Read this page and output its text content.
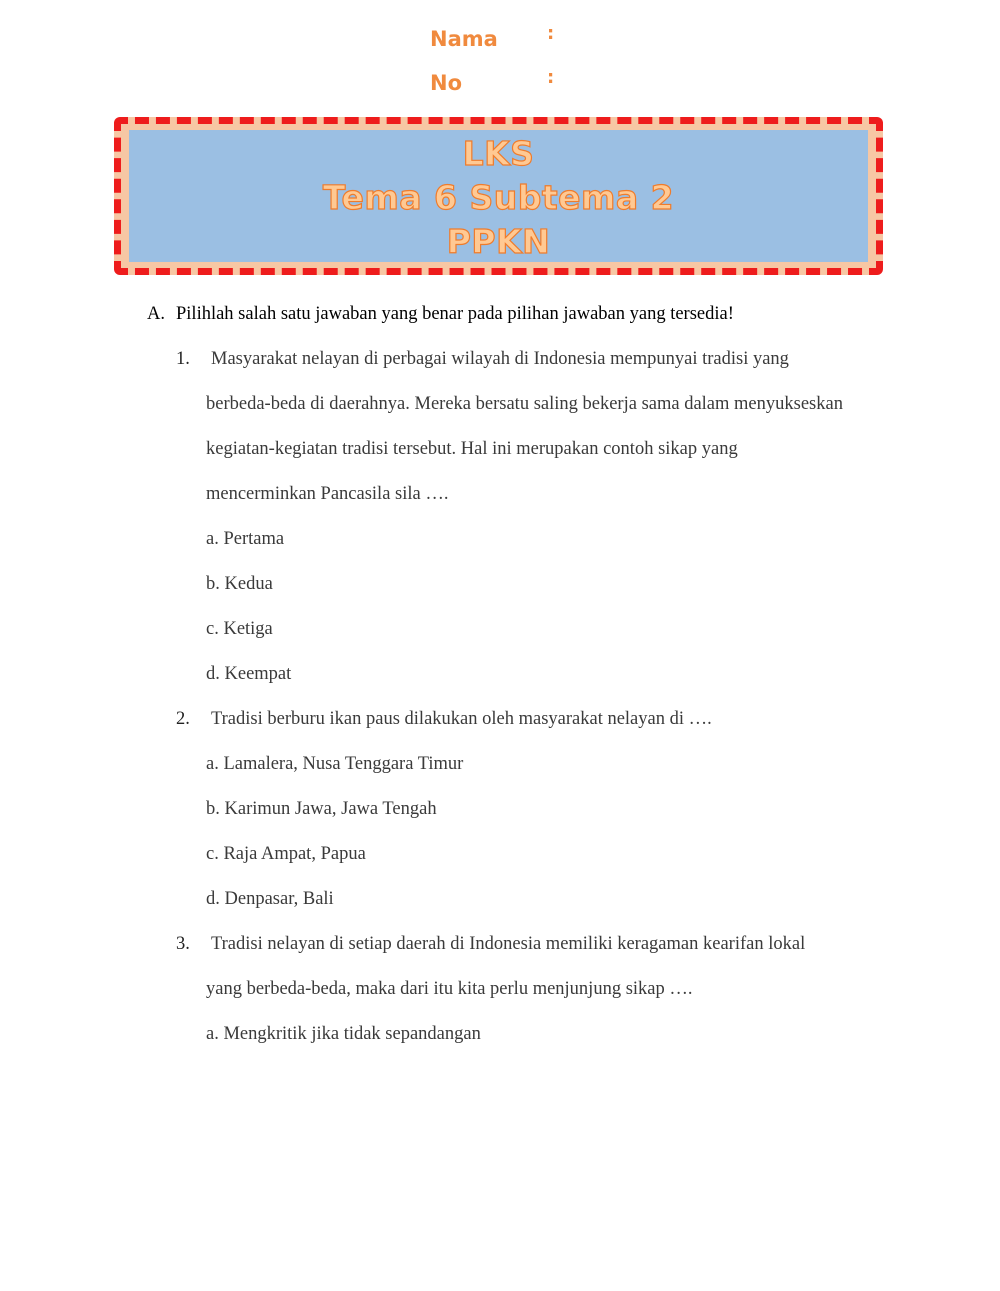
Nama	:
No	:
LKS
Tema 6 Subtema 2
PPKN
A. Pilihlah salah satu jawaban yang benar pada pilihan jawaban yang tersedia!
1. Masyarakat nelayan di perbagai wilayah di Indonesia mempunyai tradisi yang
berbeda-beda di daerahnya. Mereka bersatu saling bekerja sama dalam menyukseskan
kegiatan-kegiatan tradisi tersebut. Hal ini merupakan contoh sikap yang
mencerminkan Pancasila sila ….
a. Pertama
b. Kedua
c. Ketiga
d. Keempat
2. Tradisi berburu ikan paus dilakukan oleh masyarakat nelayan di ….
a. Lamalera, Nusa Tenggara Timur
b. Karimun Jawa, Jawa Tengah
c. Raja Ampat, Papua
d. Denpasar, Bali
3. Tradisi nelayan di setiap daerah di Indonesia memiliki keragaman kearifan lokal
yang berbeda-beda, maka dari itu kita perlu menjunjung sikap ….
a. Mengkritik jika tidak sepandangan
